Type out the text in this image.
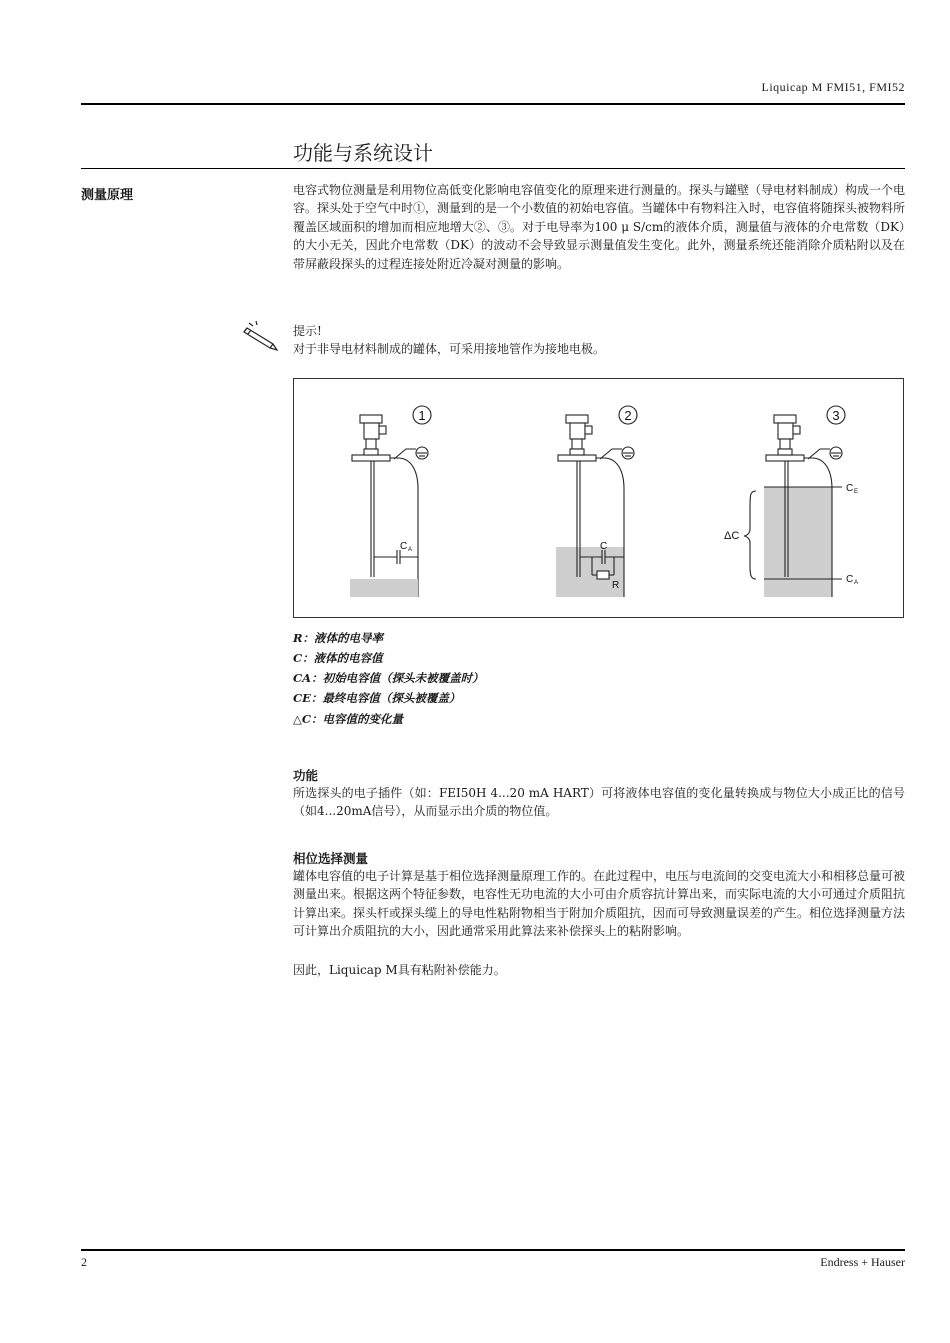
Liquicap M FMI51, FMI52
功能与系统设计
测量原理	电容式物位测量是利用物位高低变化影响电容值变化的原理来进行测量的。探头与罐壁（导电材料制成）构成一个电容。探头处于空气中时①，测量到的是一个小数值的初始电容值。当罐体中有物料注入时，电容值将随探头被物料所覆盖区域面积的增加而相应地增大②、③。对于电导率为100 μ S/cm的液体介质，测量值与液体的介电常数（DK）的大小无关，因此介电常数（DK）的波动不会导致显示测量值发生变化。此外，测量系统还能消除介质粘附以及在带屏蔽段探头的过程连接处附近冷凝对测量的影响。
提示!
对于非导电材料制成的罐体，可采用接地管作为接地电极。
1
C A
2
C
R
3
C E
C A
ΔC
R：液体的电导率
C：液体的电容值
CA：初始电容值（探头未被覆盖时）
CE：最终电容值（探头被覆盖）
△C：电容值的变化量
功能
所选探头的电子插件（如：FEI50H 4...20 mA HART）可将液体电容值的变化量转换成与物位大小成正比的信号（如4...20mA信号），从而显示出介质的物位值。
相位选择测量
罐体电容值的电子计算是基于相位选择测量原理工作的。在此过程中，电压与电流间的交变电流大小和相移总量可被测量出来。根据这两个特征参数，电容性无功电流的大小可由介质容抗计算出来，而实际电流的大小可通过介质阻抗计算出来。探头杆或探头缆上的导电性粘附物相当于附加介质阻抗，因而可导致测量误差的产生。相位选择测量方法可计算出介质阻抗的大小，因此通常采用此算法来补偿探头上的粘附影响。
因此，Liquicap M具有粘附补偿能力。
2	Endress + Hauser
